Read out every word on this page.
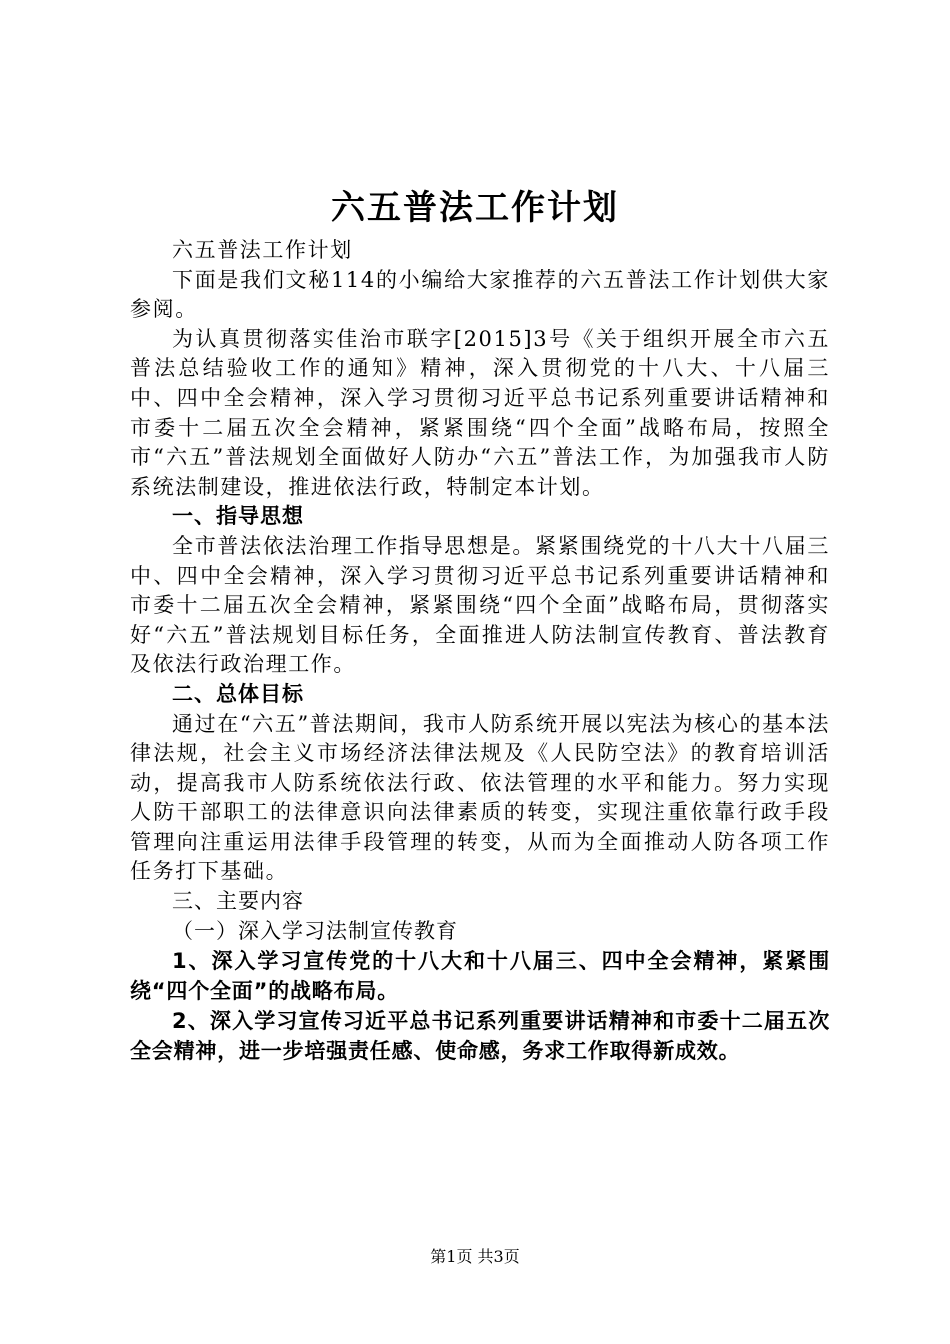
六五普法工作计划

六五普法工作计划

下面是我们文秘114的小编给大家推荐的六五普法工作计划供大家参阅。

为认真贯彻落实佳治市联字[2015]3号《关于组织开展全市六五普法总结验收工作的通知》精神，深入贯彻党的十八大、十八届三中、四中全会精神，深入学习贯彻习近平总书记系列重要讲话精神和市委十二届五次全会精神，紧紧围绕“四个全面”战略布局，按照全市“六五”普法规划全面做好人防办“六五”普法工作，为加强我市人防系统法制建设，推进依法行政，特制定本计划。

一、指导思想

全市普法依法治理工作指导思想是。紧紧围绕党的十八大十八届三中、四中全会精神，深入学习贯彻习近平总书记系列重要讲话精神和市委十二届五次全会精神，紧紧围绕“四个全面”战略布局，贯彻落实好“六五”普法规划目标任务，全面推进人防法制宣传教育、普法教育及依法行政治理工作。

二、总体目标

通过在“六五”普法期间，我市人防系统开展以宪法为核心的基本法律法规，社会主义市场经济法律法规及《人民防空法》的教育培训活动，提高我市人防系统依法行政、依法管理的水平和能力。努力实现人防干部职工的法律意识向法律素质的转变，实现注重依靠行政手段管理向注重运用法律手段管理的转变，从而为全面推动人防各项工作任务打下基础。

三、主要内容

（一）深入学习法制宣传教育

1、深入学习宣传党的十八大和十八届三、四中全会精神，紧紧围绕“四个全面”的战略布局。

2、深入学习宣传习近平总书记系列重要讲话精神和市委十二届五次全会精神，进一步培强责任感、使命感，务求工作取得新成效。

第1页 共3页
